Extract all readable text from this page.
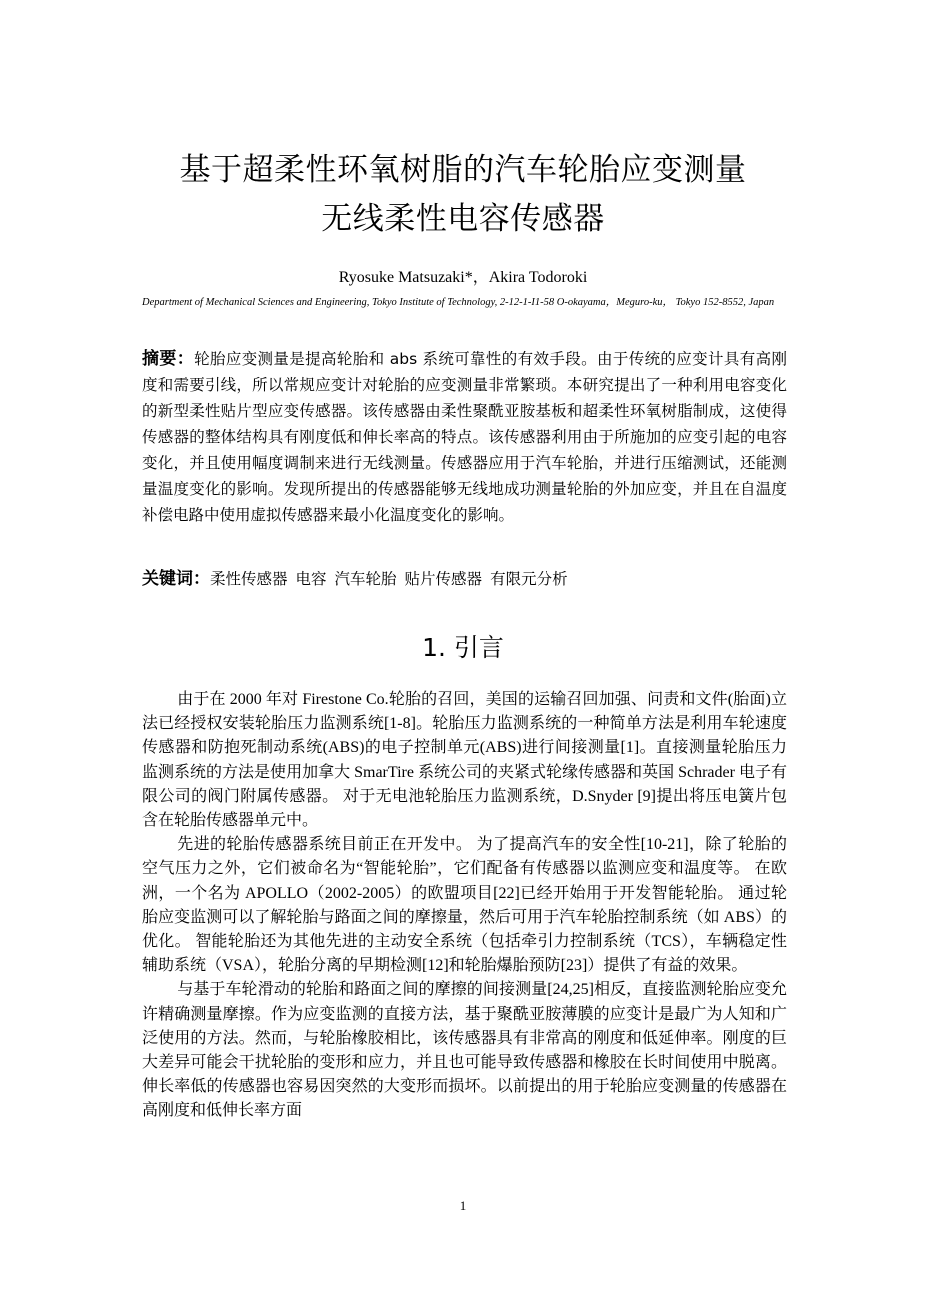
基于超柔性环氧树脂的汽车轮胎应变测量
无线柔性电容传感器
Ryosuke Matsuzaki*，Akira Todoroki
Department of Mechanical Sciences and Engineering, Tokyo Institute of Technology, 2-12-1-I1-58 O-okayama，Meguro-ku， Tokyo 152-8552, Japan
摘要：轮胎应变测量是提高轮胎和 abs 系统可靠性的有效手段。由于传统的应变计具有高刚度和需要引线，所以常规应变计对轮胎的应变测量非常繁琐。本研究提出了一种利用电容变化的新型柔性贴片型应变传感器。该传感器由柔性聚酰亚胺基板和超柔性环氧树脂制成，这使得传感器的整体结构具有刚度低和伸长率高的特点。该传感器利用由于所施加的应变引起的电容变化，并且使用幅度调制来进行无线测量。传感器应用于汽车轮胎，并进行压缩测试，还能测量温度变化的影响。发现所提出的传感器能够无线地成功测量轮胎的外加应变，并且在自温度补偿电路中使用虚拟传感器来最小化温度变化的影响。
关键词：柔性传感器 电容 汽车轮胎 贴片传感器 有限元分析
1. 引言

由于在 2000 年对 Firestone Co.轮胎的召回，美国的运输召回加强、问责和文件(胎面)立法已经授权安装轮胎压力监测系统[1-8]。轮胎压力监测系统的一种简单方法是利用车轮速度传感器和防抱死制动系统(ABS)的电子控制单元(ABS)进行间接测量[1]。直接测量轮胎压力监测系统的方法是使用加拿大 SmarTire 系统公司的夹紧式轮缘传感器和英国 Schrader 电子有限公司的阀门附属传感器。 对于无电池轮胎压力监测系统，D.Snyder [9]提出将压电簧片包含在轮胎传感器单元中。

先进的轮胎传感器系统目前正在开发中。 为了提高汽车的安全性[10-21]，除了轮胎的空气压力之外，它们被命名为“智能轮胎”，它们配备有传感器以监测应变和温度等。 在欧洲，一个名为 APOLLO（2002-2005）的欧盟项目[22]已经开始用于开发智能轮胎。 通过轮胎应变监测可以了解轮胎与路面之间的摩擦量，然后可用于汽车轮胎控制系统（如 ABS）的优化。 智能轮胎还为其他先进的主动安全系统（包括牵引力控制系统（TCS），车辆稳定性辅助系统（VSA），轮胎分离的早期检测[12]和轮胎爆胎预防[23]）提供了有益的效果。

与基于车轮滑动的轮胎和路面之间的摩擦的间接测量[24,25]相反，直接监测轮胎应变允许精确测量摩擦。作为应变监测的直接方法，基于聚酰亚胺薄膜的应变计是最广为人知和广泛使用的方法。然而，与轮胎橡胶相比，该传感器具有非常高的刚度和低延伸率。刚度的巨大差异可能会干扰轮胎的变形和应力，并且也可能导致传感器和橡胶在长时间使用中脱离。伸长率低的传感器也容易因突然的大变形而损坏。以前提出的用于轮胎应变测量的传感器在高刚度和低伸长率方面

1
